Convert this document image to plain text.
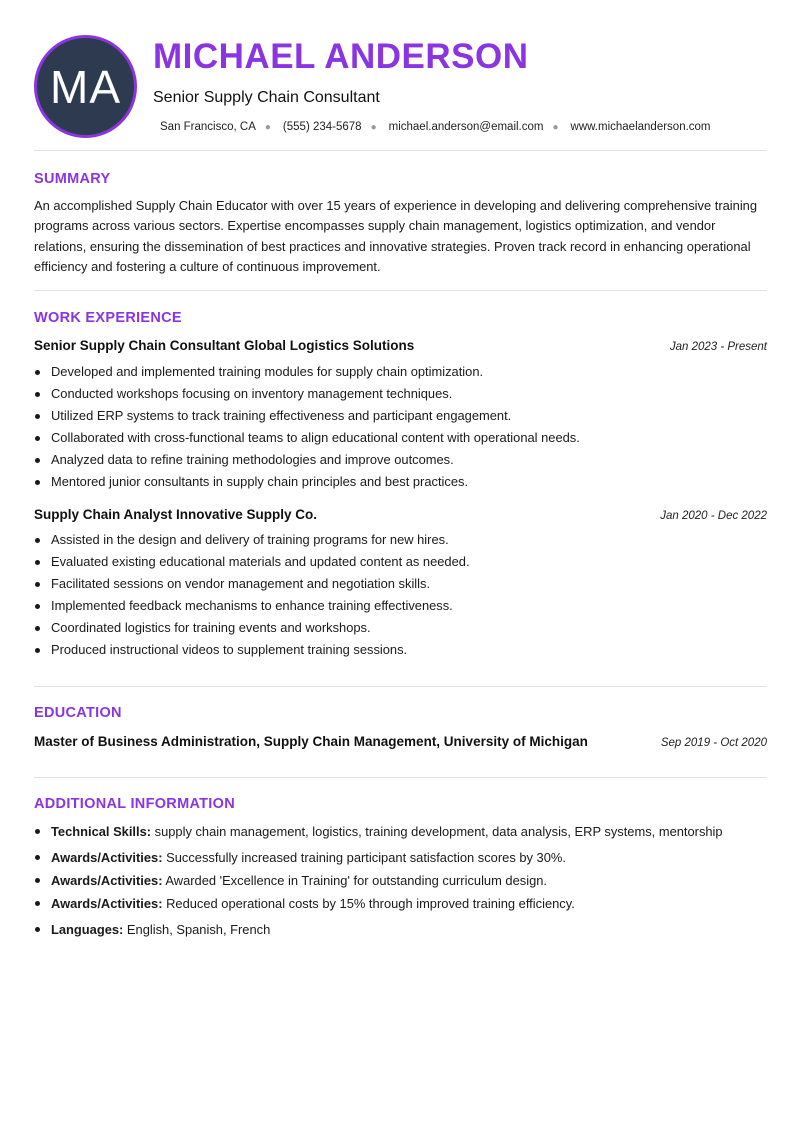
MA
MICHAEL ANDERSON
Senior Supply Chain Consultant
San Francisco, CA ● (555) 234-5678 ● michael.anderson@email.com ● www.michaelanderson.com
SUMMARY
An accomplished Supply Chain Educator with over 15 years of experience in developing and delivering comprehensive training programs across various sectors. Expertise encompasses supply chain management, logistics optimization, and vendor relations, ensuring the dissemination of best practices and innovative strategies. Proven track record in enhancing operational efficiency and fostering a culture of continuous improvement.
WORK EXPERIENCE
Senior Supply Chain Consultant Global Logistics Solutions	Jan 2023 - Present
Developed and implemented training modules for supply chain optimization.
Conducted workshops focusing on inventory management techniques.
Utilized ERP systems to track training effectiveness and participant engagement.
Collaborated with cross-functional teams to align educational content with operational needs.
Analyzed data to refine training methodologies and improve outcomes.
Mentored junior consultants in supply chain principles and best practices.
Supply Chain Analyst Innovative Supply Co.	Jan 2020 - Dec 2022
Assisted in the design and delivery of training programs for new hires.
Evaluated existing educational materials and updated content as needed.
Facilitated sessions on vendor management and negotiation skills.
Implemented feedback mechanisms to enhance training effectiveness.
Coordinated logistics for training events and workshops.
Produced instructional videos to supplement training sessions.
EDUCATION
Master of Business Administration, Supply Chain Management, University of Michigan	Sep 2019 - Oct 2020
ADDITIONAL INFORMATION
Technical Skills: supply chain management, logistics, training development, data analysis, ERP systems, mentorship
Awards/Activities: Successfully increased training participant satisfaction scores by 30%.
Awards/Activities: Awarded 'Excellence in Training' for outstanding curriculum design.
Awards/Activities: Reduced operational costs by 15% through improved training efficiency.
Languages: English, Spanish, French
